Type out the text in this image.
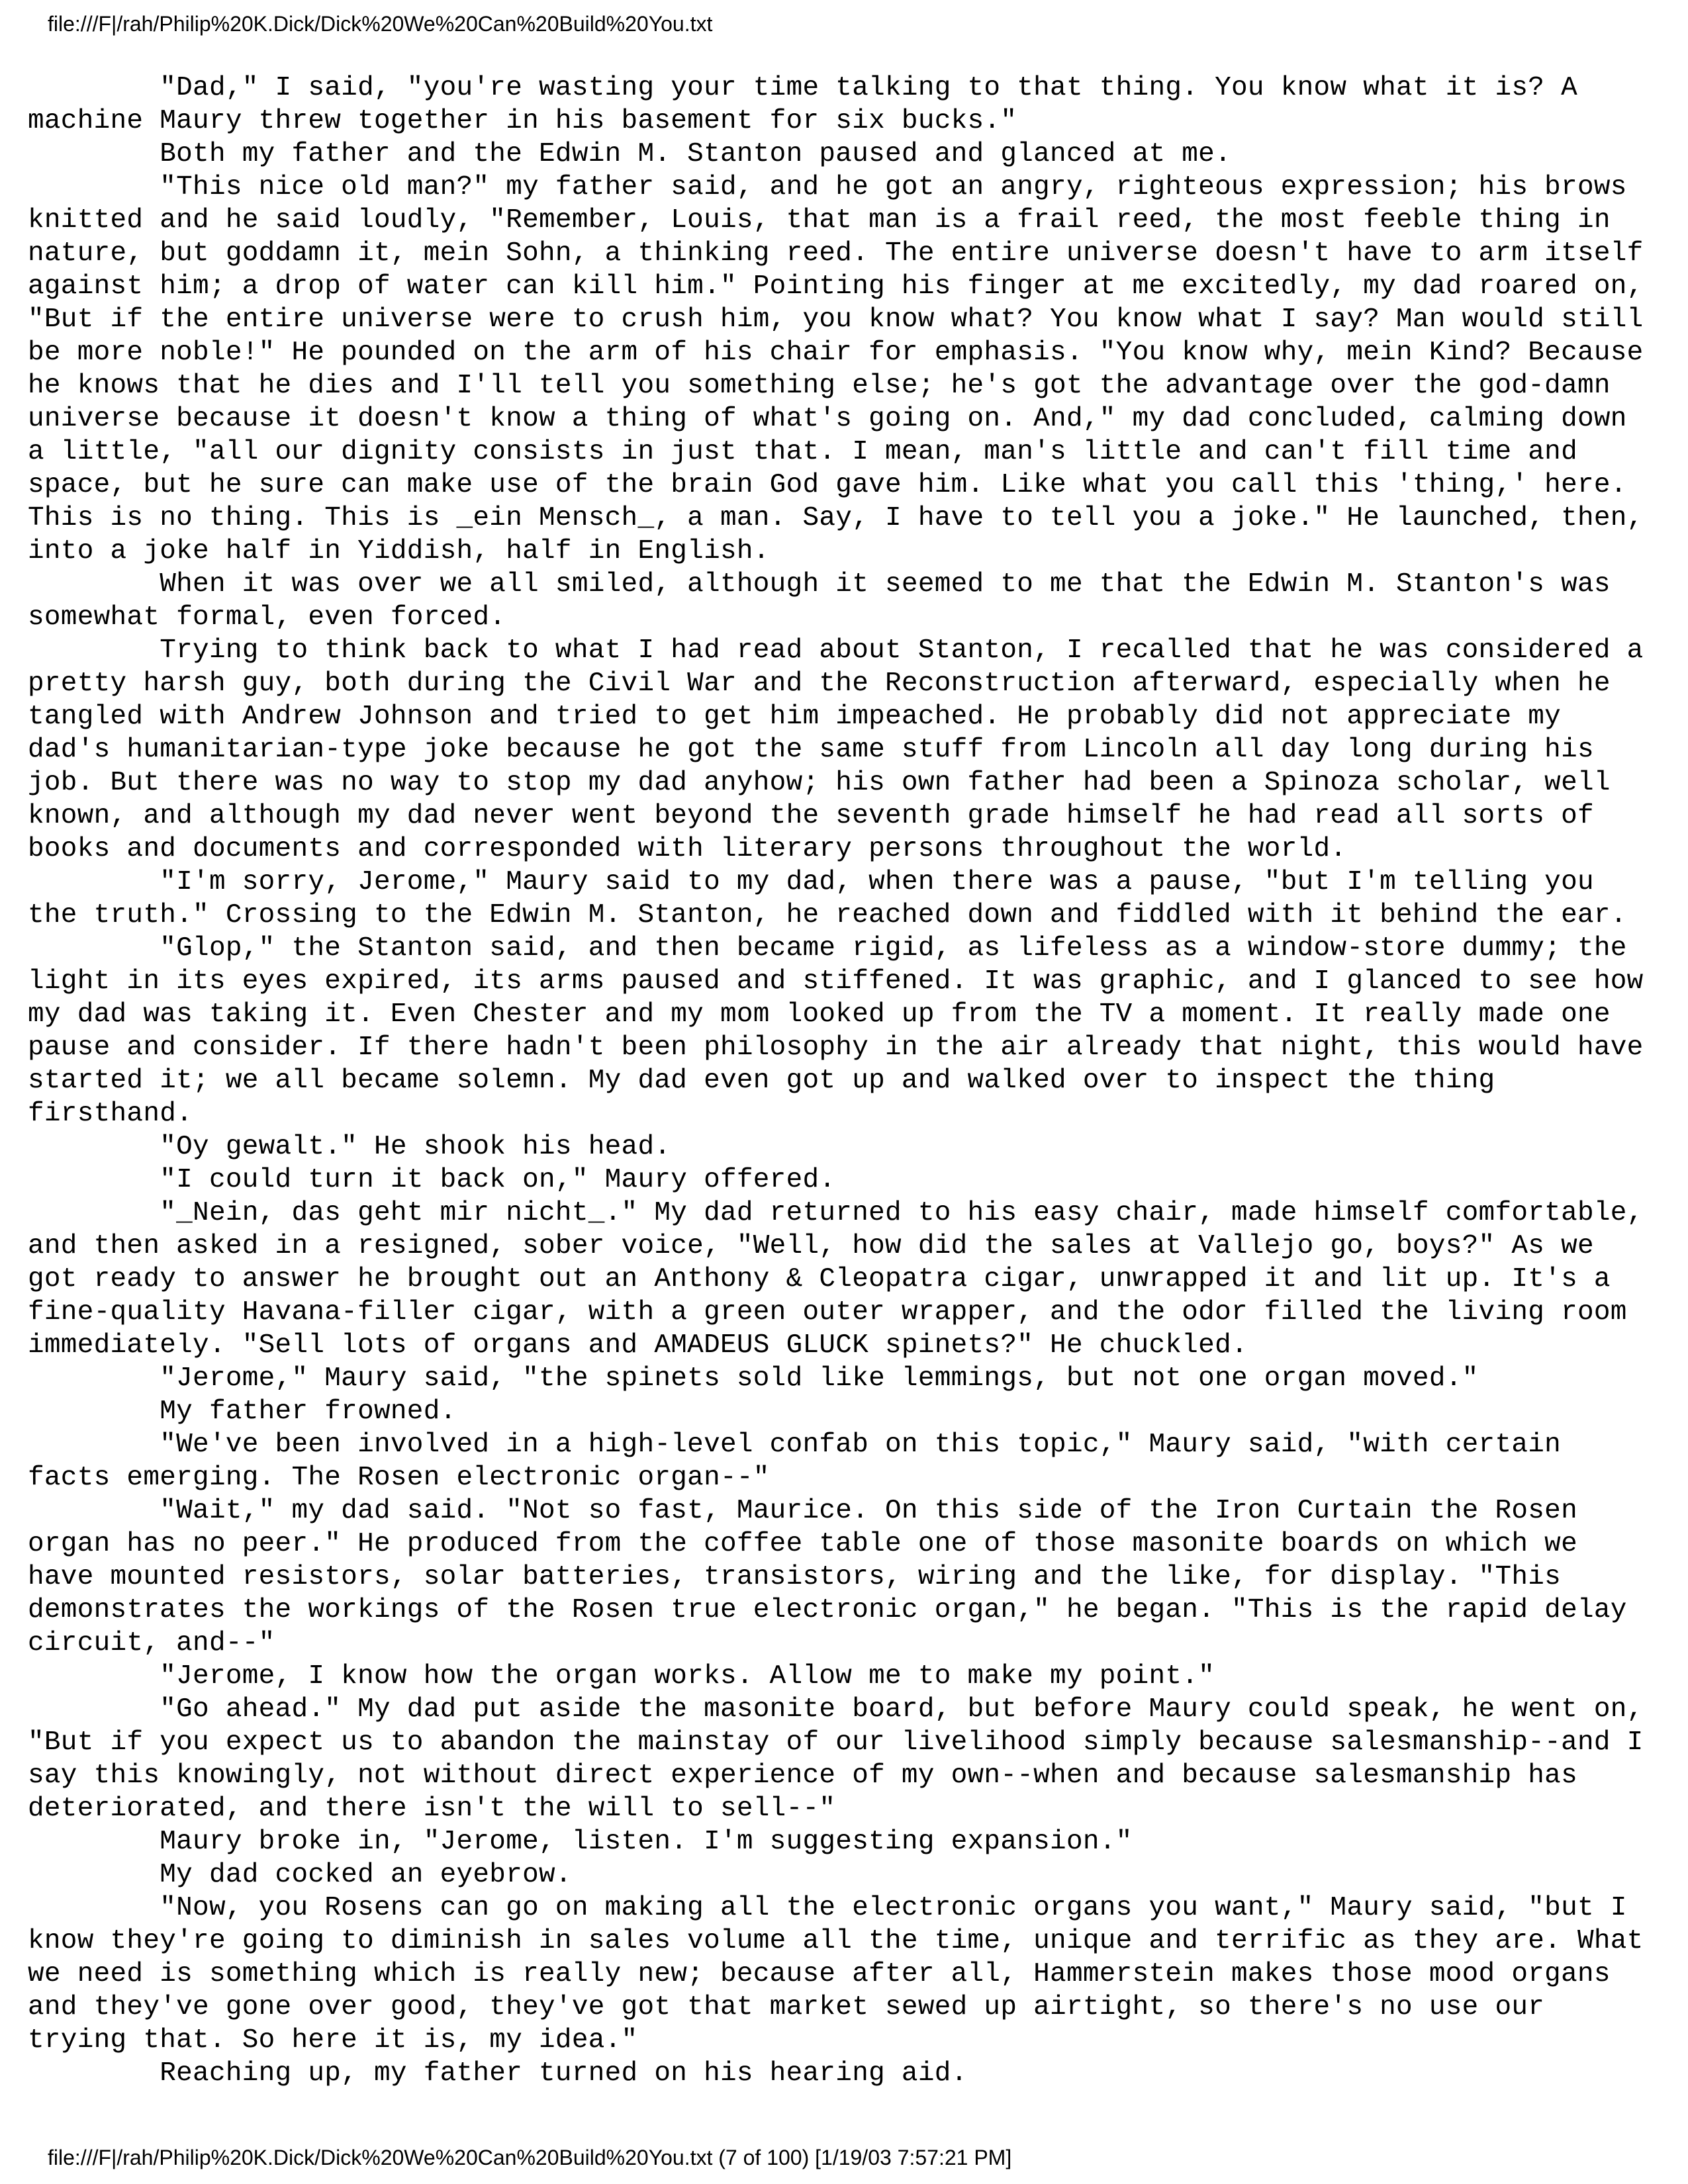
file:///F|/rah/Philip%20K.Dick/Dick%20We%20Can%20Build%20You.txt
"Dad," I said, "you're wasting your time talking to that thing. You know what it is? A
machine Maury threw together in his basement for six bucks."
Both my father and the Edwin M. Stanton paused and glanced at me.
"This nice old man?" my father said, and he got an angry, righteous expression; his brows
knitted and he said loudly, "Remember, Louis, that man is a frail reed, the most feeble thing in
nature, but goddamn it, mein Sohn, a thinking reed. The entire universe doesn't have to arm itself
against him; a drop of water can kill him." Pointing his finger at me excitedly, my dad roared on,
"But if the entire universe were to crush him, you know what? You know what I say? Man would still
be more noble!" He pounded on the arm of his chair for emphasis. "You know why, mein Kind? Because
he knows that he dies and I'll tell you something else; he's got the advantage over the god-damn
universe because it doesn't know a thing of what's going on. And," my dad concluded, calming down
a little, "all our dignity consists in just that. I mean, man's little and can't fill time and
space, but he sure can make use of the brain God gave him. Like what you call this 'thing,' here.
This is no thing. This is _ein Mensch_, a man. Say, I have to tell you a joke." He launched, then,
into a joke half in Yiddish, half in English.
When it was over we all smiled, although it seemed to me that the Edwin M. Stanton's was
somewhat formal, even forced.
Trying to think back to what I had read about Stanton, I recalled that he was considered a
pretty harsh guy, both during the Civil War and the Reconstruction afterward, especially when he
tangled with Andrew Johnson and tried to get him impeached. He probably did not appreciate my
dad's humanitarian-type joke because he got the same stuff from Lincoln all day long during his
job. But there was no way to stop my dad anyhow; his own father had been a Spinoza scholar, well
known, and although my dad never went beyond the seventh grade himself he had read all sorts of
books and documents and corresponded with literary persons throughout the world.
"I'm sorry, Jerome," Maury said to my dad, when there was a pause, "but I'm telling you
the truth." Crossing to the Edwin M. Stanton, he reached down and fiddled with it behind the ear.
"Glop," the Stanton said, and then became rigid, as lifeless as a window-store dummy; the
light in its eyes expired, its arms paused and stiffened. It was graphic, and I glanced to see how
my dad was taking it. Even Chester and my mom looked up from the TV a moment. It really made one
pause and consider. If there hadn't been philosophy in the air already that night, this would have
started it; we all became solemn. My dad even got up and walked over to inspect the thing
firsthand.
"Oy gewalt." He shook his head.
"I could turn it back on," Maury offered.
"_Nein, das geht mir nicht_." My dad returned to his easy chair, made himself comfortable,
and then asked in a resigned, sober voice, "Well, how did the sales at Vallejo go, boys?" As we
got ready to answer he brought out an Anthony & Cleopatra cigar, unwrapped it and lit up. It's a
fine-quality Havana-filler cigar, with a green outer wrapper, and the odor filled the living room
immediately. "Sell lots of organs and AMADEUS GLUCK spinets?" He chuckled.
"Jerome," Maury said, "the spinets sold like lemmings, but not one organ moved."
My father frowned.
"We've been involved in a high-level confab on this topic," Maury said, "with certain
facts emerging. The Rosen electronic organ--"
"Wait," my dad said. "Not so fast, Maurice. On this side of the Iron Curtain the Rosen
organ has no peer." He produced from the coffee table one of those masonite boards on which we
have mounted resistors, solar batteries, transistors, wiring and the like, for display. "This
demonstrates the workings of the Rosen true electronic organ," he began. "This is the rapid delay
circuit, and--"
"Jerome, I know how the organ works. Allow me to make my point."
"Go ahead." My dad put aside the masonite board, but before Maury could speak, he went on,
"But if you expect us to abandon the mainstay of our livelihood simply because salesmanship--and I
say this knowingly, not without direct experience of my own--when and because salesmanship has
deteriorated, and there isn't the will to sell--"
Maury broke in, "Jerome, listen. I'm suggesting expansion."
My dad cocked an eyebrow.
"Now, you Rosens can go on making all the electronic organs you want," Maury said, "but I
know they're going to diminish in sales volume all the time, unique and terrific as they are. What
we need is something which is really new; because after all, Hammerstein makes those mood organs
and they've gone over good, they've got that market sewed up airtight, so there's no use our
trying that. So here it is, my idea."
Reaching up, my father turned on his hearing aid.
file:///F|/rah/Philip%20K.Dick/Dick%20We%20Can%20Build%20You.txt (7 of 100) [1/19/03 7:57:21 PM]
